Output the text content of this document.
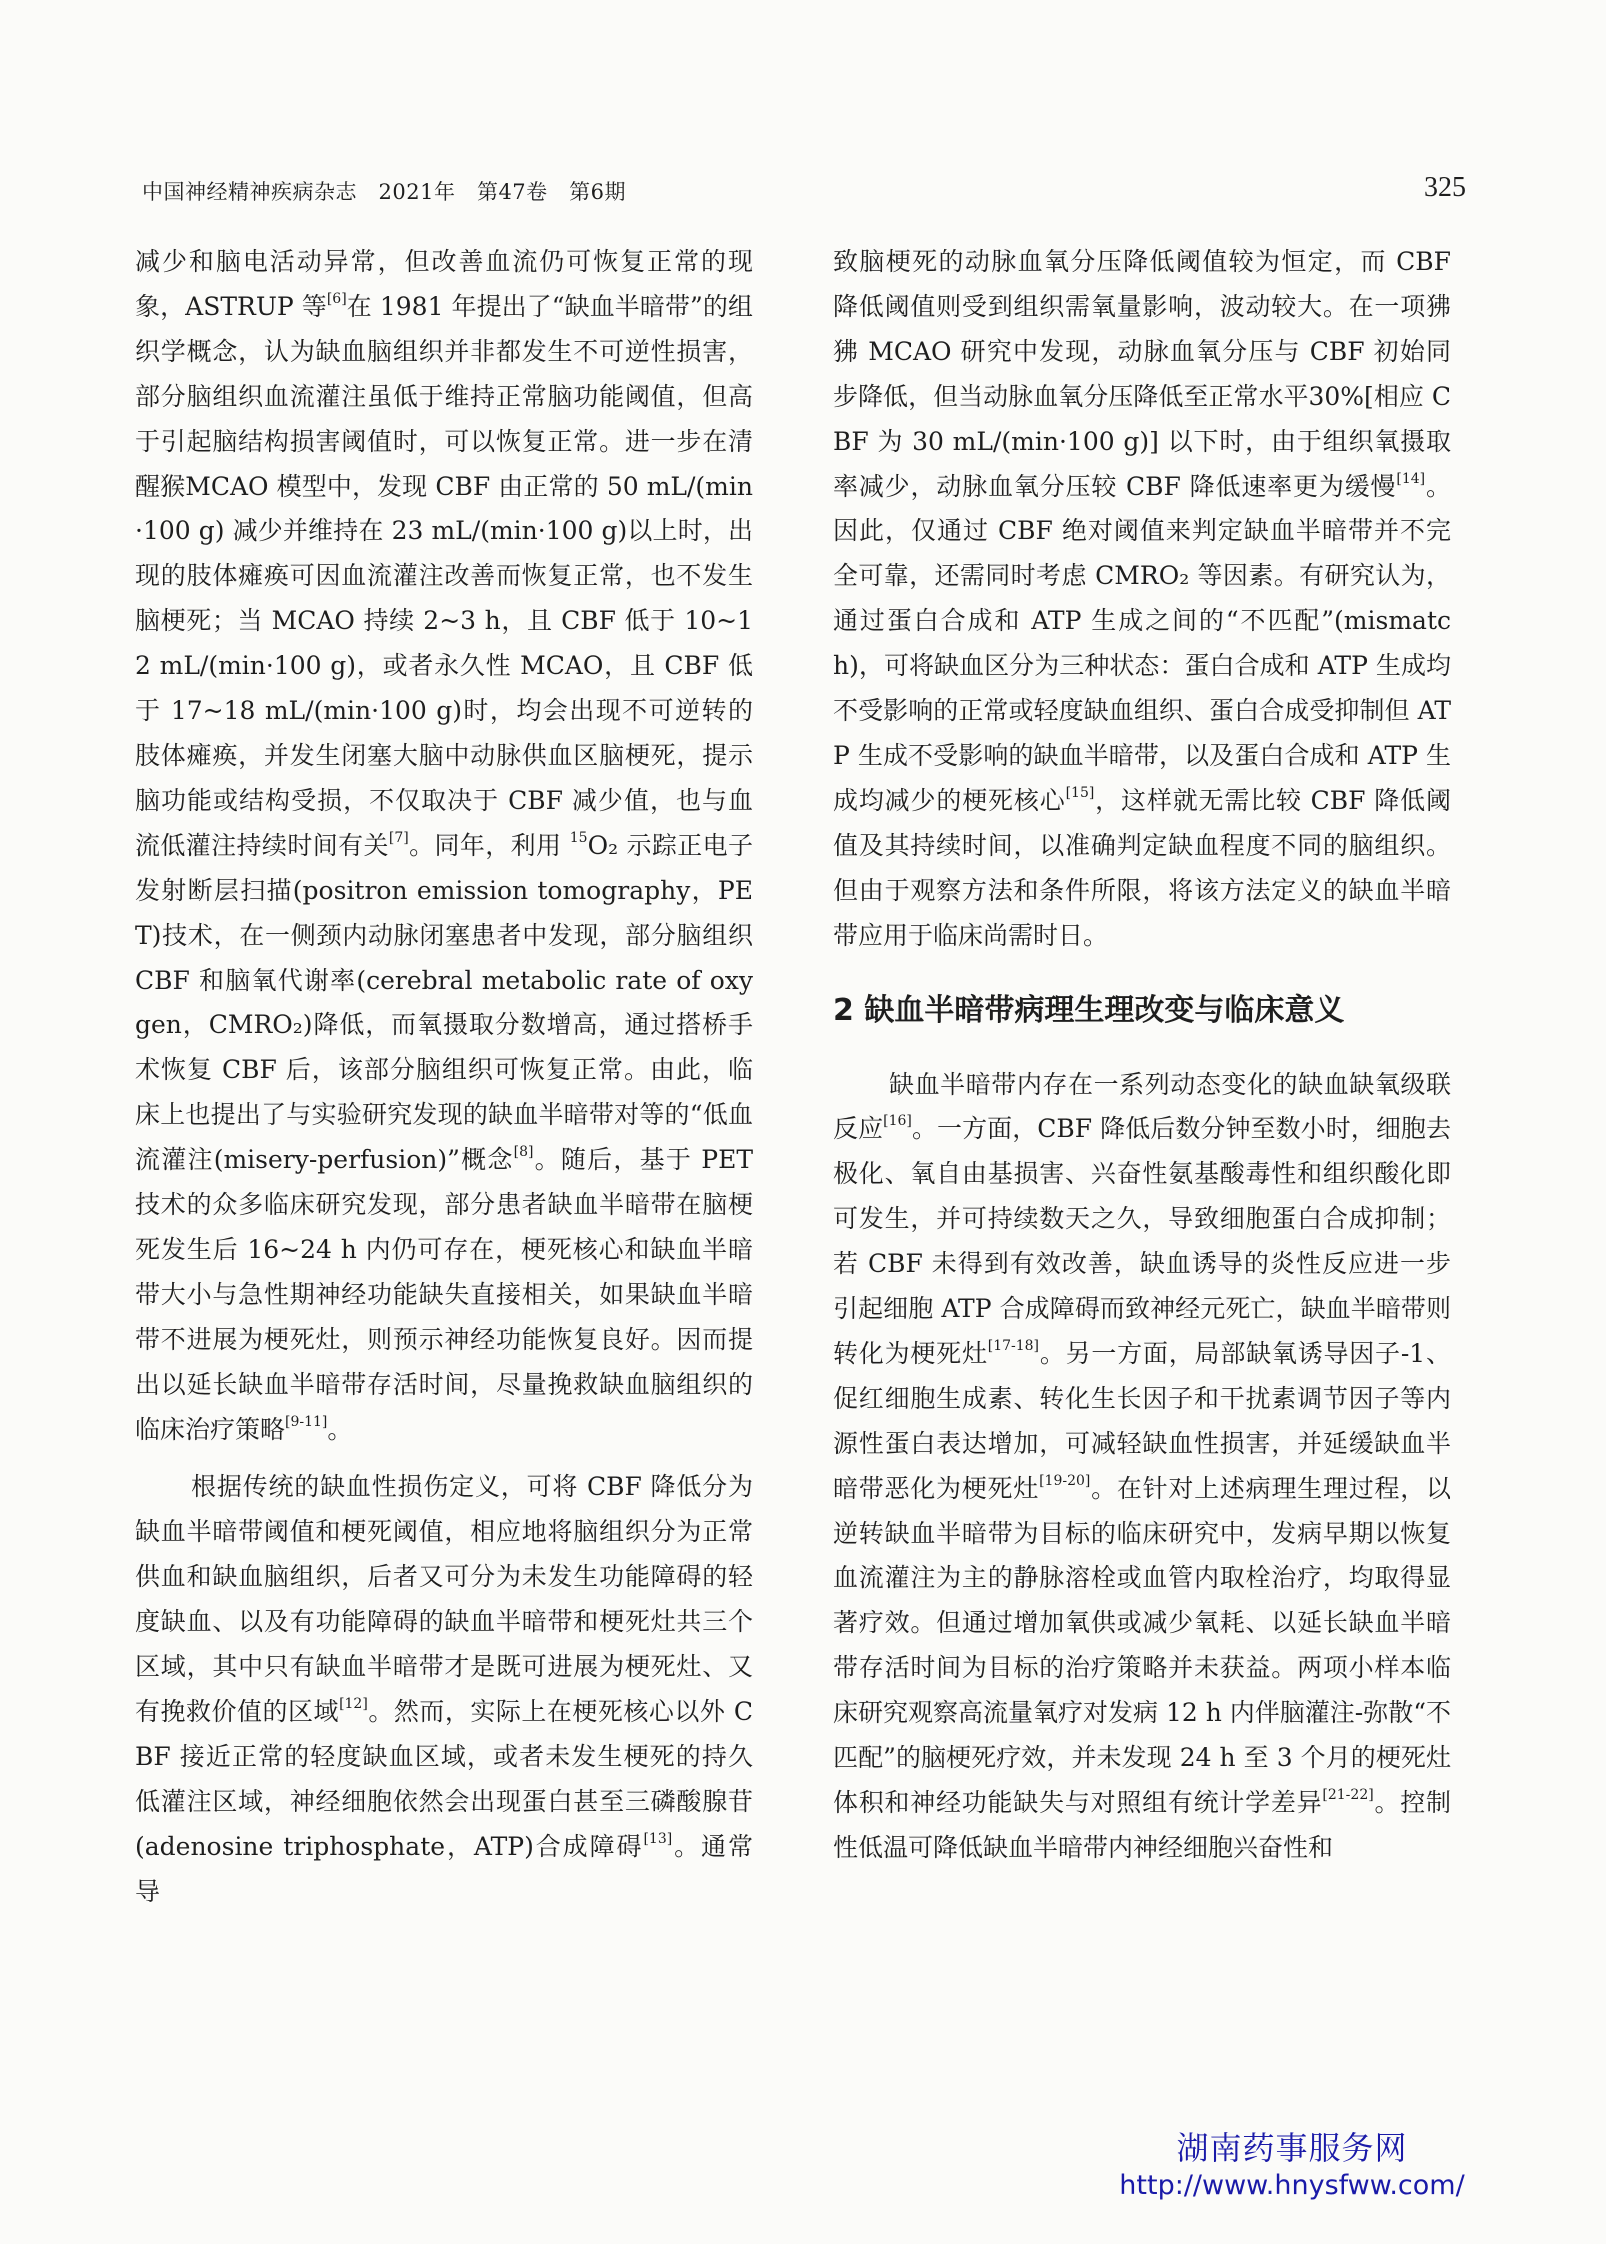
中国神经精神疾病杂志　2021年　第47卷　第6期	325

减少和脑电活动异常，但改善血流仍可恢复正常的现象，ASTRUP 等[6]在 1981 年提出了“缺血半暗带”的组织学概念，认为缺血脑组织并非都发生不可逆性损害，部分脑组织血流灌注虽低于维持正常脑功能阈值，但高于引起脑结构损害阈值时，可以恢复正常。进一步在清醒猴MCAO 模型中，发现 CBF 由正常的 50 mL/(min·100 g) 减少并维持在 23 mL/(min·100 g)以上时，出现的肢体瘫痪可因血流灌注改善而恢复正常，也不发生脑梗死；当 MCAO 持续 2~3 h，且 CBF 低于 10~12 mL/(min·100 g)，或者永久性 MCAO，且 CBF 低于 17~18 mL/(min·100 g)时，均会出现不可逆转的肢体瘫痪，并发生闭塞大脑中动脉供血区脑梗死，提示脑功能或结构受损，不仅取决于 CBF 减少值，也与血流低灌注持续时间有关[7]。同年，利用 $^{15}$O₂ 示踪正电子发射断层扫描(positron emission tomography，PET)技术，在一侧颈内动脉闭塞患者中发现，部分脑组织 CBF 和脑氧代谢率(cerebral metabolic rate of oxygen，CMRO₂)降低，而氧摄取分数增高，通过搭桥手术恢复 CBF 后，该部分脑组织可恢复正常。由此，临床上也提出了与实验研究发现的缺血半暗带对等的“低血流灌注(misery-perfusion)”概念[8]。随后，基于 PET 技术的众多临床研究发现，部分患者缺血半暗带在脑梗死发生后 16~24 h 内仍可存在，梗死核心和缺血半暗带大小与急性期神经功能缺失直接相关，如果缺血半暗带不进展为梗死灶，则预示神经功能恢复良好。因而提出以延长缺血半暗带存活时间，尽量挽救缺血脑组织的临床治疗策略[9-11]。

根据传统的缺血性损伤定义，可将 CBF 降低分为缺血半暗带阈值和梗死阈值，相应地将脑组织分为正常供血和缺血脑组织，后者又可分为未发生功能障碍的轻度缺血、以及有功能障碍的缺血半暗带和梗死灶共三个区域，其中只有缺血半暗带才是既可进展为梗死灶、又有挽救价值的区域[12]。然而，实际上在梗死核心以外 CBF 接近正常的轻度缺血区域，或者未发生梗死的持久低灌注区域，神经细胞依然会出现蛋白甚至三磷酸腺苷(adenosine triphosphate，ATP)合成障碍[13]。通常导

致脑梗死的动脉血氧分压降低阈值较为恒定，而 CBF 降低阈值则受到组织需氧量影响，波动较大。在一项狒狒 MCAO 研究中发现，动脉血氧分压与 CBF 初始同步降低，但当动脉血氧分压降低至正常水平30%[相应 CBF 为 30 mL/(min·100 g)] 以下时，由于组织氧摄取率减少，动脉血氧分压较 CBF 降低速率更为缓慢[14]。因此，仅通过 CBF 绝对阈值来判定缺血半暗带并不完全可靠，还需同时考虑 CMRO₂ 等因素。有研究认为，通过蛋白合成和 ATP 生成之间的“不匹配”(mismatch)，可将缺血区分为三种状态：蛋白合成和 ATP 生成均不受影响的正常或轻度缺血组织、蛋白合成受抑制但 ATP 生成不受影响的缺血半暗带，以及蛋白合成和 ATP 生成均减少的梗死核心[15]，这样就无需比较 CBF 降低阈值及其持续时间，以准确判定缺血程度不同的脑组织。但由于观察方法和条件所限，将该方法定义的缺血半暗带应用于临床尚需时日。

2 缺血半暗带病理生理改变与临床意义

缺血半暗带内存在一系列动态变化的缺血缺氧级联反应[16]。一方面，CBF 降低后数分钟至数小时，细胞去极化、氧自由基损害、兴奋性氨基酸毒性和组织酸化即可发生，并可持续数天之久，导致细胞蛋白合成抑制；若 CBF 未得到有效改善，缺血诱导的炎性反应进一步引起细胞 ATP 合成障碍而致神经元死亡，缺血半暗带则转化为梗死灶[17-18]。另一方面，局部缺氧诱导因子-1、促红细胞生成素、转化生长因子和干扰素调节因子等内源性蛋白表达增加，可减轻缺血性损害，并延缓缺血半暗带恶化为梗死灶[19-20]。在针对上述病理生理过程，以逆转缺血半暗带为目标的临床研究中，发病早期以恢复血流灌注为主的静脉溶栓或血管内取栓治疗，均取得显著疗效。但通过增加氧供或减少氧耗、以延长缺血半暗带存活时间为目标的治疗策略并未获益。两项小样本临床研究观察高流量氧疗对发病 12 h 内伴脑灌注-弥散“不匹配”的脑梗死疗效，并未发现 24 h 至 3 个月的梗死灶体积和神经功能缺失与对照组有统计学差异[21-22]。控制性低温可降低缺血半暗带内神经细胞兴奋性和

湖南药事服务网
http://www.hnysfww.com/
